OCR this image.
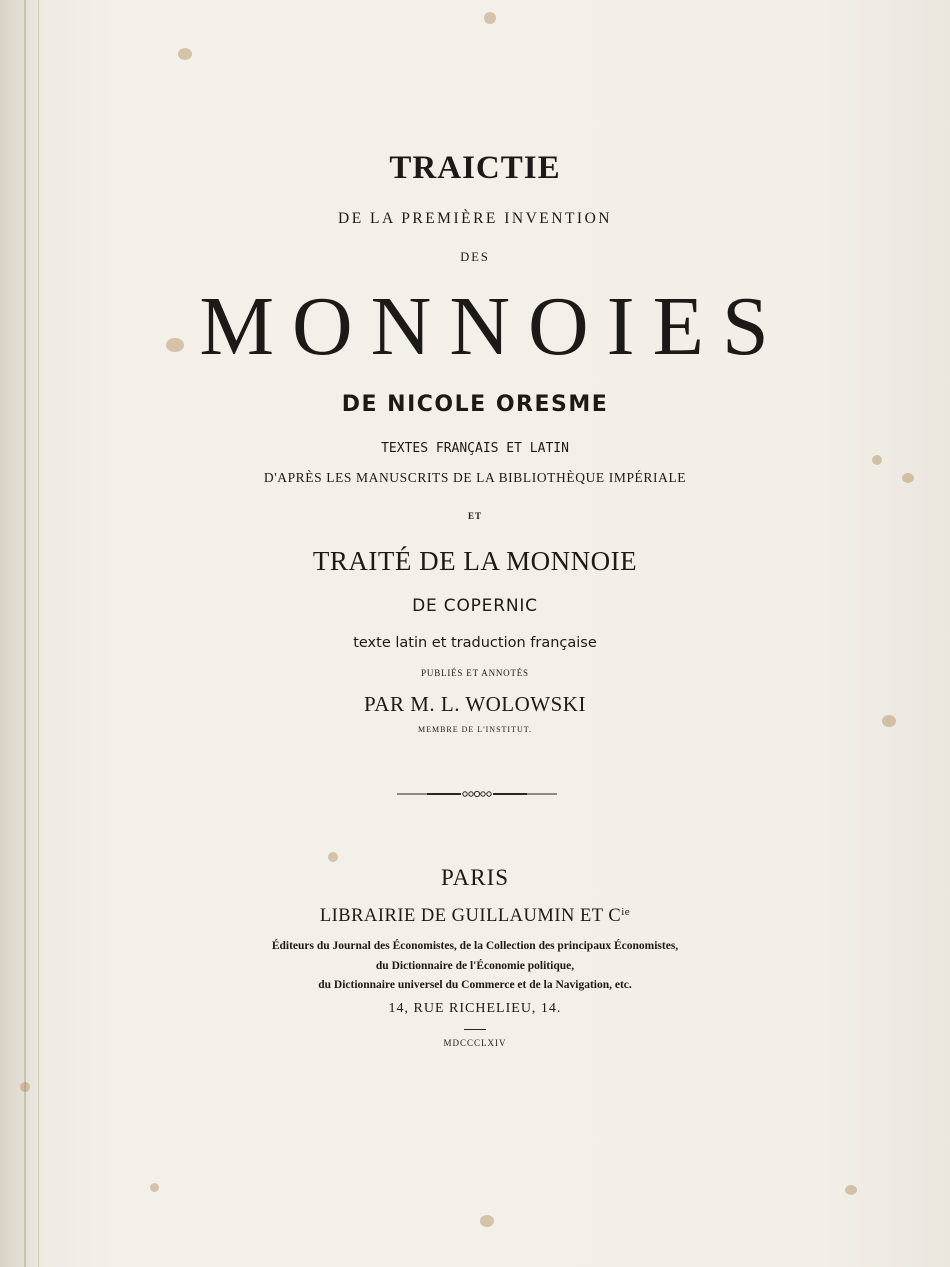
TRAICTIE
DE LA PREMIÈRE INVENTION
DES
MONNOIES
DE NICOLE ORESME
TEXTES FRANÇAIS ET LATIN
D'APRÈS LES MANUSCRITS DE LA BIBLIOTHÈQUE IMPÉRIALE
ET
TRAITÉ DE LA MONNOIE
DE COPERNIC
texte latin et traduction française
PUBLIÉS ET ANNOTÉS
PAR M. L. WOLOWSKI
MEMBRE DE L'INSTITUT.
PARIS
LIBRAIRIE DE GUILLAUMIN ET $C^{ie}$
Éditeurs du Journal des Économistes, de la Collection des principaux Économistes,
du Dictionnaire de l'Économie politique,
du Dictionnaire universel du Commerce et de la Navigation, etc.
14, RUE RICHELIEU, 14.
MDCCCLXIV
